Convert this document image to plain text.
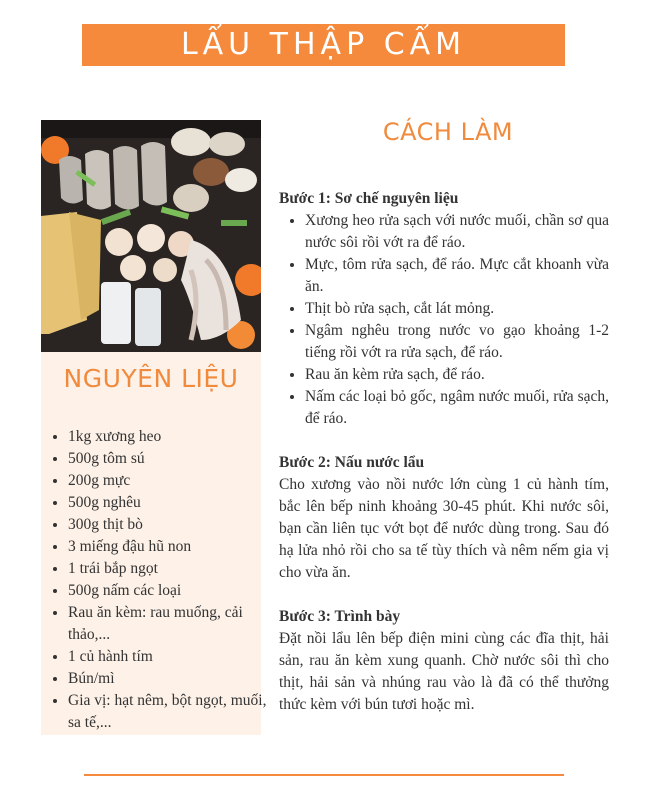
LẨU THẬP CẨM
NGUYÊN LIỆU
• 1kg xương heo
• 500g tôm sú
• 200g mực
• 500g nghêu
• 300g thịt bò
• 3 miếng đậu hũ non
• 1 trái bắp ngọt
• 500g nấm các loại
• Rau ăn kèm: rau muống, cải thảo,...
• 1 củ hành tím
• Bún/mì
• Gia vị: hạt nêm, bột ngọt, muối, sa tế,...
CÁCH LÀM

Bước 1: Sơ chế nguyên liệu

• Xương heo rửa sạch với nước muối, chần sơ qua nước sôi rồi vớt ra để ráo.
• Mực, tôm rửa sạch, để ráo. Mực cắt khoanh vừa ăn.
• Thịt bò rửa sạch, cắt lát mỏng.
• Ngâm nghêu trong nước vo gạo khoảng 1-2 tiếng rồi vớt ra rửa sạch, để ráo.
• Rau ăn kèm rửa sạch, để ráo.
• Nấm các loại bỏ gốc, ngâm nước muối, rửa sạch, để ráo.

Bước 2: Nấu nước lẩu

Cho xương vào nồi nước lớn cùng 1 củ hành tím, bắc lên bếp ninh khoảng 30-45 phút. Khi nước sôi, bạn cần liên tục vớt bọt để nước dùng trong. Sau đó hạ lửa nhỏ rồi cho sa tế tùy thích và nêm nếm gia vị cho vừa ăn.

Bước 3: Trình bày

Đặt nồi lẩu lên bếp điện mini cùng các đĩa thịt, hải sản, rau ăn kèm xung quanh. Chờ nước sôi thì cho thịt, hải sản và nhúng rau vào là đã có thể thưởng thức kèm với bún tươi hoặc mì.
